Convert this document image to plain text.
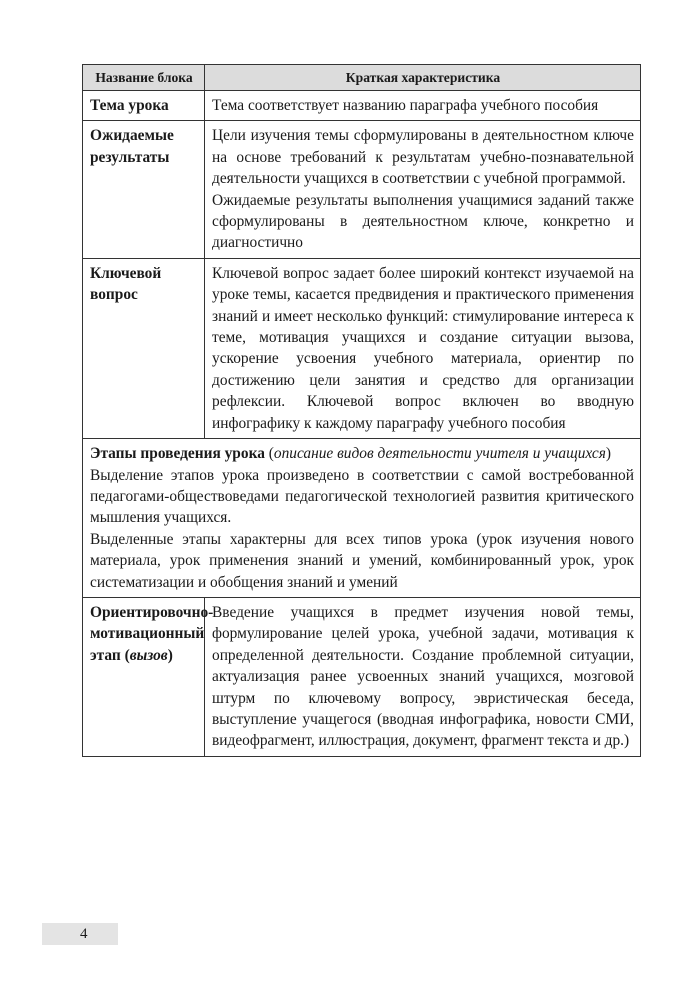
Название блока	Краткая характеристика
Тема урока	Тема соответствует названию параграфа учебного пособия
Ожидаемые результаты	Цели изучения темы сформулированы в деятельностном ключе на основе требований к результатам учебно-познавательной деятельности учащихся в соответствии с учебной программой.
Ожидаемые результаты выполнения учащимися заданий также сформулированы в деятельностном ключе, конкретно и диагностично

Ключевой вопрос	Ключевой вопрос задает более широкий контекст изучаемой на уроке темы, касается предвидения и практического применения знаний и имеет несколько функций: стимулирование интереса к теме, мотивация учащихся и создание ситуации вызова, ускорение усвоения учебного материала, ориентир по достижению цели занятия и средство для организации рефлексии. Ключевой вопрос включен во вводную инфографику к каждому параграфу учебного пособия

Этапы проведения урока (описание видов деятельности учителя и учащихся)
Выделение этапов урока произведено в соответствии с самой востребованной педагогами-обществоведами педагогической технологией развития критического мышления учащихся.
Выделенные этапы характерны для всех типов урока (урок изучения нового материала, урок применения знаний и умений, комбинированный урок, урок систематизации и обобщения знаний и умений	

Ориентировочно-мотивационный этап (вызов)	Введение учащихся в предмет изучения новой темы, формулирование целей урока, учебной задачи, мотивация к определенной деятельности. Создание проблемной ситуации, актуализация ранее усвоенных знаний учащихся, мозговой штурм по ключевому вопросу, эвристическая беседа, выступление учащегося (вводная инфографика, новости СМИ, видеофрагмент, иллюстрация, документ, фрагмент текста и др.)
4
